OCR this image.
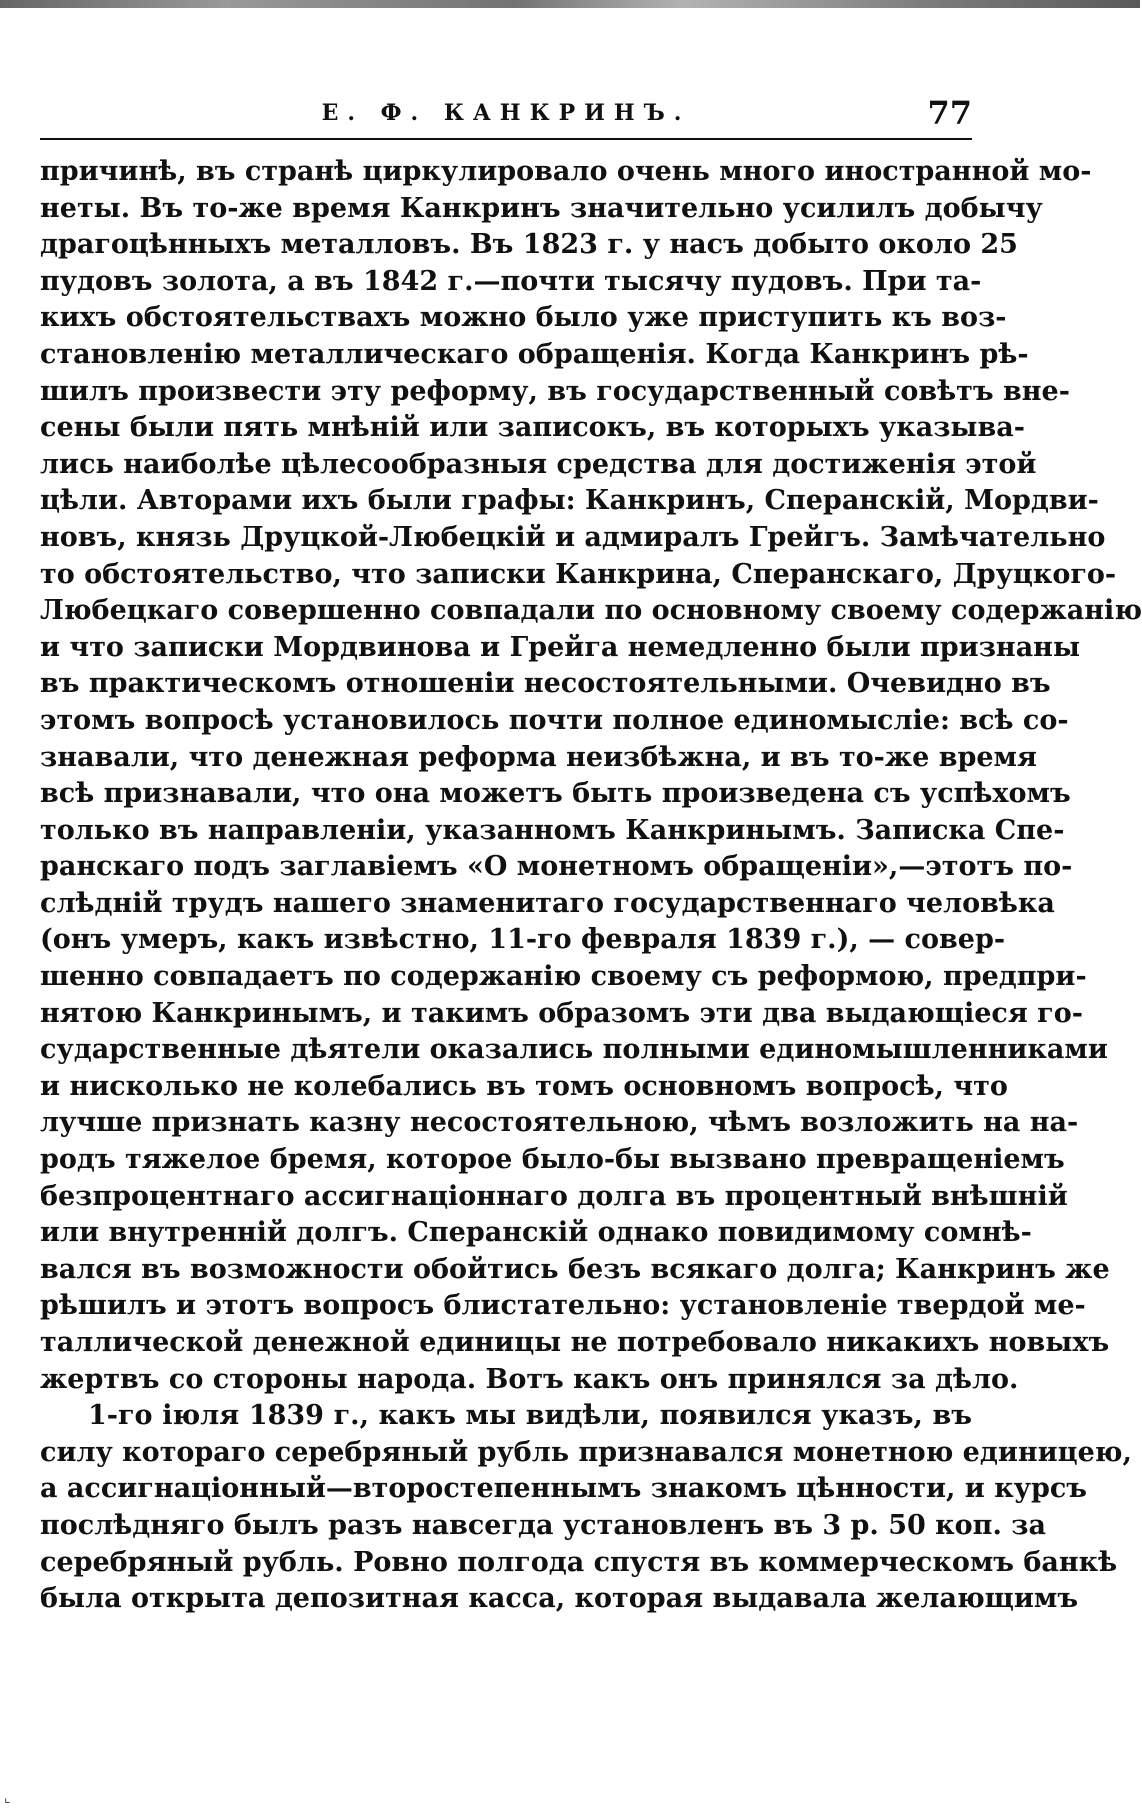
Е. Ф. КАНКРИНЪ.	77
причинѣ, въ странѣ циркулировало очень много иностранной мо-
неты. Въ то-же время Канкринъ значительно усилилъ добычу
драгоцѣнныхъ металловъ. Въ 1823 г. у насъ добыто около 25
пудовъ золота, а въ 1842 г.—почти тысячу пудовъ. При та-
кихъ обстоятельствахъ можно было уже приступить къ воз-
становленію металлическаго обращенія. Когда Канкринъ рѣ-
шилъ произвести эту реформу, въ государственный совѣтъ вне-
сены были пять мнѣній или записокъ, въ которыхъ указыва-
лись наиболѣе цѣлесообразныя средства для достиженія этой
цѣли. Авторами ихъ были графы: Канкринъ, Сперанскій, Мордви-
новъ, князь Друцкой-Любецкій и адмиралъ Грейгъ. Замѣчательно
то обстоятельство, что записки Канкрина, Сперанскаго, Друцкого-
Любецкаго совершенно совпадали по основному своему содержанію
и что записки Мордвинова и Грейга немедленно были признаны
въ практическомъ отношеніи несостоятельными. Очевидно въ
этомъ вопросѣ установилось почти полное единомысліе: всѣ со-
знавали, что денежная реформа неизбѣжна, и въ то-же время
всѣ признавали, что она можетъ быть произведена съ успѣхомъ
только въ направленіи, указанномъ Канкринымъ. Записка Спе-
ранскаго подъ заглавіемъ «О монетномъ обращеніи»,—этотъ по-
слѣдній трудъ нашего знаменитаго государственнаго человѣка
(онъ умеръ, какъ извѣстно, 11-го февраля 1839 г.), — совер-
шенно совпадаетъ по содержанію своему съ реформою, предпри-
нятою Канкринымъ, и такимъ образомъ эти два выдающіеся го-
сударственные дѣятели оказались полными единомышленниками
и нисколько не колебались въ томъ основномъ вопросѣ, что
лучше признать казну несостоятельною, чѣмъ возложить на на-
родъ тяжелое бремя, которое было-бы вызвано превращеніемъ
безпроцентнаго ассигнаціоннаго долга въ процентный внѣшній
или внутренній долгъ. Сперанскій однако повидимому сомнѣ-
вался въ возможности обойтись безъ всякаго долга; Канкринъ же
рѣшилъ и этотъ вопросъ блистательно: установленіе твердой ме-
таллической денежной единицы не потребовало никакихъ новыхъ
жертвъ со стороны народа. Вотъ какъ онъ принялся за дѣло.
1-го іюля 1839 г., какъ мы видѣли, появился указъ, въ
силу котораго серебряный рубль признавался монетною единицею,
а ассигнаціонный—второстепеннымъ знакомъ цѣнности, и курсъ
послѣдняго былъ разъ навсегда установленъ въ 3 р. 50 коп. за
серебряный рубль. Ровно полгода спустя въ коммерческомъ банкѣ
была открыта депозитная касса, которая выдавала желающимъ
⌞
